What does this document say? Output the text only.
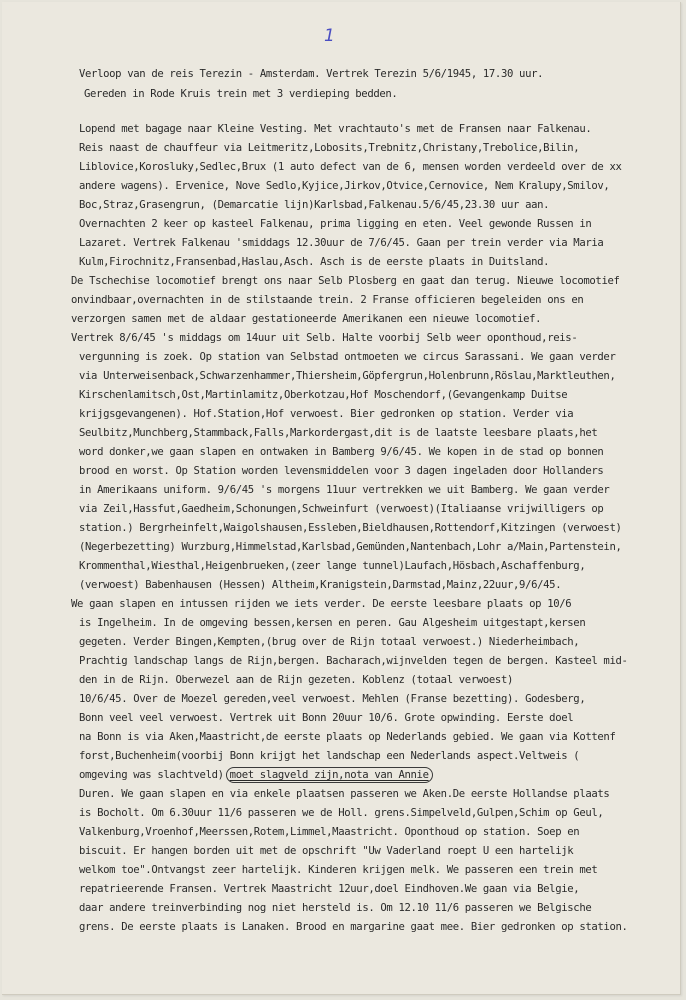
1

Verloop van de reis Terezin - Amsterdam. Vertrek Terezin 5/6/1945, 17.30 uur.

Gereden in Rode Kruis trein met 3 verdieping bedden.

Lopend met bagage naar Kleine Vesting. Met vrachtauto's met de Fransen naar Falkenau.

Reis naast de chauffeur via Leitmeritz,Lobosits,Trebnitz,Christany,Trebolice,Bilin,

Liblovice,Korosluky,Sedlec,Brux (1 auto defect van de 6, mensen worden verdeeld over de xx

andere wagens). Ervenice, Nove Sedlo,Kyjice,Jirkov,Otvice,Cernovice, Nem Kralupy,Smilov,

Boc,Straz,Grasengrun, (Demarcatie lijn)Karlsbad,Falkenau.5/6/45,23.30 uur aan.

Overnachten 2 keer op kasteel Falkenau, prima ligging en eten. Veel gewonde Russen in

Lazaret. Vertrek Falkenau 'smiddags 12.30uur de 7/6/45. Gaan per trein verder via Maria

Kulm,Firochnitz,Fransenbad,Haslau,Asch. Asch is de eerste plaats in Duitsland.

De Tschechise locomotief brengt ons naar Selb Plosberg en gaat dan terug. Nieuwe locomotief

onvindbaar,overnachten in de stilstaande trein. 2 Franse officieren begeleiden ons en

verzorgen samen met de aldaar gestationeerde Amerikanen een nieuwe locomotief.

Vertrek 8/6/45 's middags om 14uur uit Selb. Halte voorbij Selb weer oponthoud,reis-

vergunning is zoek. Op station van Selbstad ontmoeten we circus Sarassani. We gaan verder

via Unterweisenback,Schwarzenhammer,Thiersheim,Göpfergrun,Holenbrunn,Röslau,Marktleuthen,

Kirschenlamitsch,Ost,Martinlamitz,Oberkotzau,Hof Moschendorf,(Gevangenkamp Duitse

krijgsgevangenen). Hof.Station,Hof verwoest. Bier gedronken op station. Verder via

Seulbitz,Munchberg,Stammback,Falls,Markordergast,dit is de laatste leesbare plaats,het

word donker,we gaan slapen en ontwaken in Bamberg 9/6/45. We kopen in de stad op bonnen

brood en worst. Op Station worden levensmiddelen voor 3 dagen ingeladen door Hollanders

in Amerikaans uniform. 9/6/45 's morgens 11uur vertrekken we uit Bamberg. We gaan verder

via Zeil,Hassfut,Gaedheim,Schonungen,Schweinfurt (verwoest)(Italiaanse vrijwilligers op

station.) Bergrheinfelt,Waigolshausen,Essleben,Bieldhausen,Rottendorf,Kitzingen (verwoest)

(Negerbezetting) Wurzburg,Himmelstad,Karlsbad,Gemünden,Nantenbach,Lohr a/Main,Partenstein,

Krommenthal,Wiesthal,Heigenbrueken,(zeer lange tunnel)Laufach,Hösbach,Aschaffenburg,

(verwoest) Babenhausen (Hessen) Altheim,Kranigstein,Darmstad,Mainz,22uur,9/6/45.

We gaan slapen en intussen rijden we iets verder. De eerste leesbare plaats op 10/6

is Ingelheim. In de omgeving bessen,kersen en peren. Gau Algesheim uitgestapt,kersen

gegeten. Verder Bingen,Kempten,(brug over de Rijn totaal verwoest.) Niederheimbach,

Prachtig landschap langs de Rijn,bergen. Bacharach,wijnvelden tegen de bergen. Kasteel mid-

den in de Rijn. Oberwezel aan de Rijn gezeten. Koblenz (totaal verwoest)

10/6/45. Over de Moezel gereden,veel verwoest. Mehlen (Franse bezetting). Godesberg,

Bonn veel veel verwoest. Vertrek uit Bonn 20uur 10/6. Grote opwinding. Eerste doel

na Bonn is via Aken,Maastricht,de eerste plaats op Nederlands gebied. We gaan via Kottenf

forst,Buchenheim(voorbij Bonn krijgt het landschap een Nederlands aspect.Veltweis (

omgeving was slachtveld) moet slagveld zijn,nota van Annie

Duren. We gaan slapen en via enkele plaatsen passeren we Aken.De eerste Hollandse plaats

is Bocholt. Om 6.30uur 11/6 passeren we de Holl. grens.Simpelveld,Gulpen,Schim op Geul,

Valkenburg,Vroenhof,Meerssen,Rotem,Limmel,Maastricht. Oponthoud op station. Soep en

biscuit. Er hangen borden uit met de opschrift "Uw Vaderland roept U een hartelijk

welkom toe".Ontvangst zeer hartelijk. Kinderen krijgen melk. We passeren een trein met

repatrieerende Fransen. Vertrek Maastricht 12uur,doel Eindhoven.We gaan via Belgie,

daar andere treinverbinding nog niet hersteld is. Om 12.10 11/6 passeren we Belgische

grens. De eerste plaats is Lanaken. Brood en margarine gaat mee. Bier gedronken op station.
